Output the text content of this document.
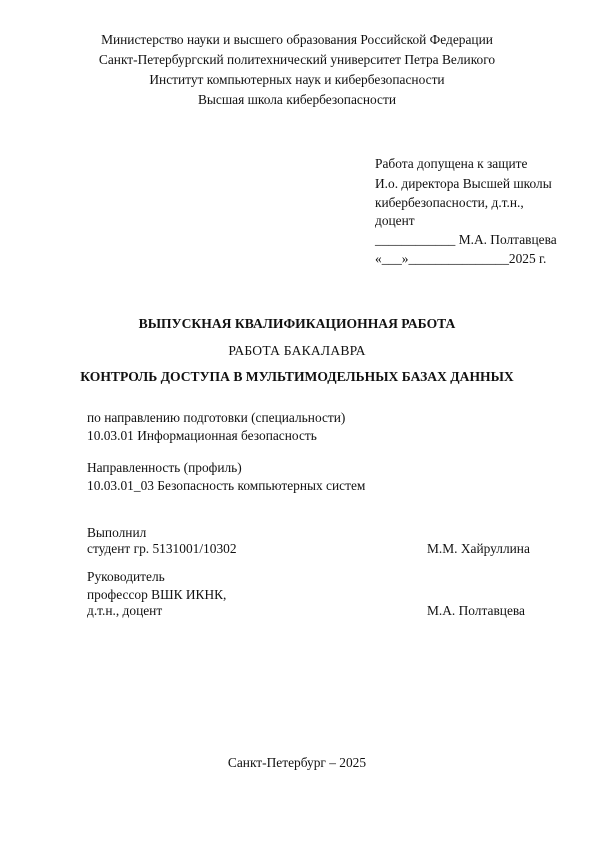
Министерство науки и высшего образования Российской Федерации
Санкт-Петербургский политехнический университет Петра Великого
Институт компьютерных наук и кибербезопасности
Высшая школа кибербезопасности
Работа допущена к защите
И.о. директора Высшей школы
кибербезопасности, д.т.н.,
доцент
____________ М.А. Полтавцева
«___»_______________2025 г.
ВЫПУСКНАЯ КВАЛИФИКАЦИОННАЯ РАБОТА
РАБОТА БАКАЛАВРА
КОНТРОЛЬ ДОСТУПА В МУЛЬТИМОДЕЛЬНЫХ БАЗАХ ДАННЫХ
по направлению подготовки (специальности)
10.03.01 Информационная безопасность
Направленность (профиль)
10.03.01_03 Безопасность компьютерных систем
Выполнил
студент гр. 5131001/10302	М.М. Хайруллина
Руководитель
профессор ВШК ИКНК,
д.т.н., доцент	М.А. Полтавцева
Санкт-Петербург – 2025
